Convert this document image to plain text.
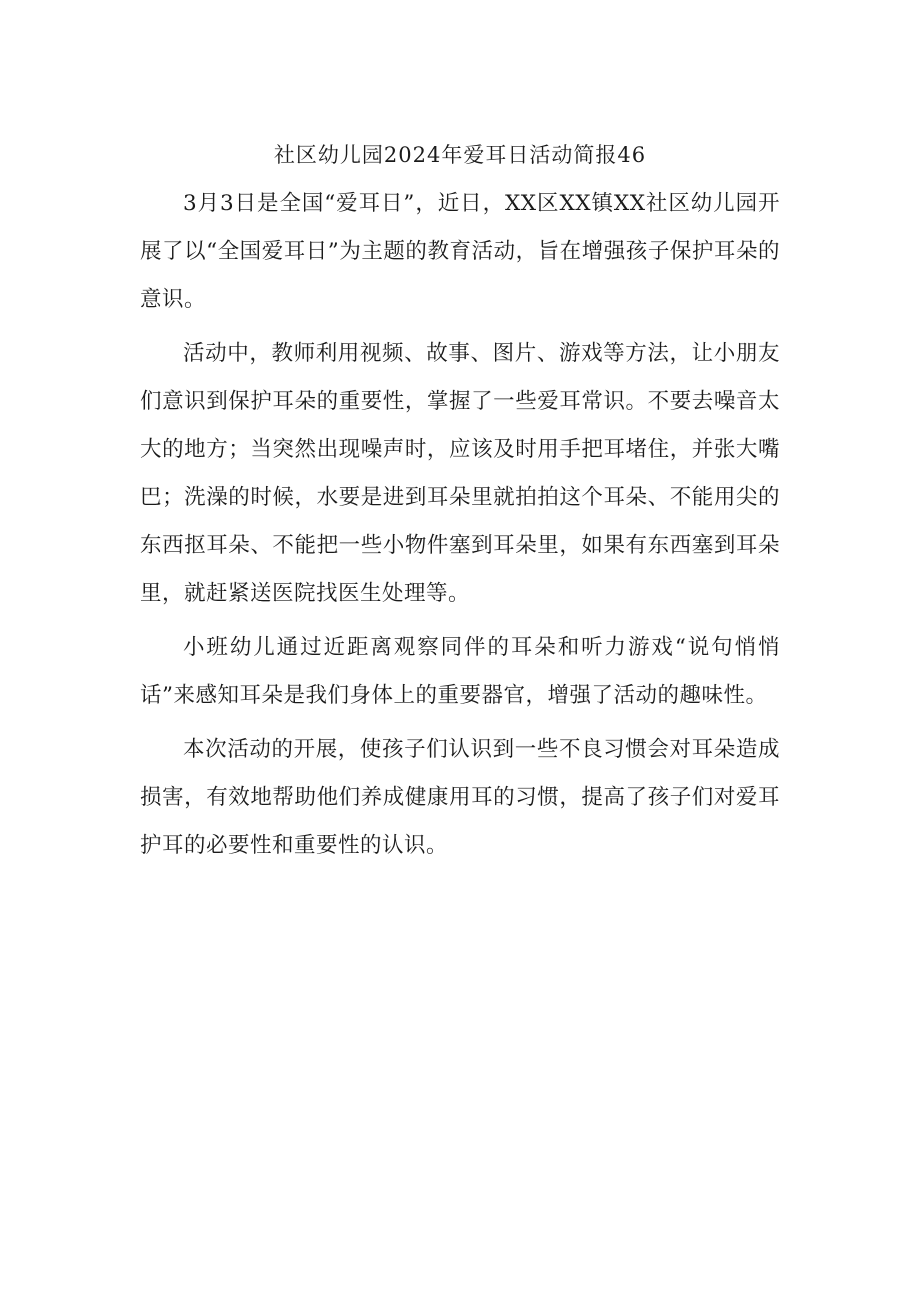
社区幼儿园2024年爱耳日活动简报46

3月3日是全国“爱耳日”，近日，XX区XX镇XX社区幼儿园开展了以“全国爱耳日”为主题的教育活动，旨在增强孩子保护耳朵的意识。

活动中，教师利用视频、故事、图片、游戏等方法，让小朋友们意识到保护耳朵的重要性，掌握了一些爱耳常识。不要去噪音太大的地方；当突然出现噪声时，应该及时用手把耳堵住，并张大嘴巴；洗澡的时候，水要是进到耳朵里就拍拍这个耳朵、不能用尖的东西抠耳朵、不能把一些小物件塞到耳朵里，如果有东西塞到耳朵里，就赶紧送医院找医生处理等。

小班幼儿通过近距离观察同伴的耳朵和听力游戏“说句悄悄话”来感知耳朵是我们身体上的重要器官，增强了活动的趣味性。

本次活动的开展，使孩子们认识到一些不良习惯会对耳朵造成损害，有效地帮助他们养成健康用耳的习惯，提高了孩子们对爱耳护耳的必要性和重要性的认识。
